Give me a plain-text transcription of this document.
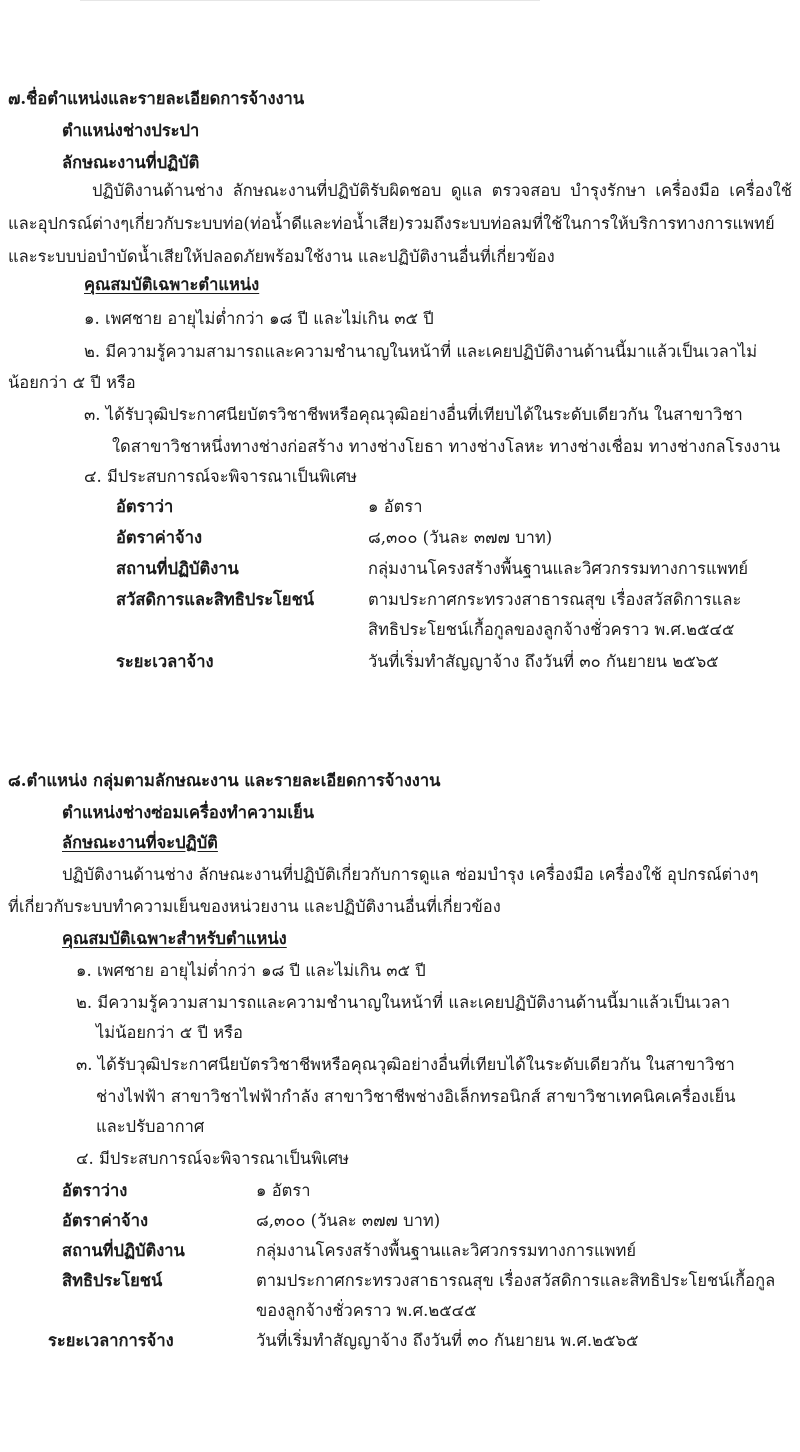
๗.ชื่อตำแหน่งและรายละเอียดการจ้างงาน
ตำแหน่งช่างประปา
ลักษณะงานที่ปฏิบัติ
ปฏิบัติงานด้านช่าง ลักษณะงานที่ปฏิบัติรับผิดชอบ ดูแล ตรวจสอบ บำรุงรักษา เครื่องมือ เครื่องใช้และอุปกรณ์ต่างๆเกี่ยวกับระบบท่อ(ท่อน้ำดีและท่อน้ำเสีย)รวมถึงระบบท่อลมที่ใช้ในการให้บริการทางการแพทย์และระบบบ่อบำบัดน้ำเสียให้ปลอดภัยพร้อมใช้งาน และปฏิบัติงานอื่นที่เกี่ยวข้อง
คุณสมบัติเฉพาะตำแหน่ง
๑. เพศชาย อายุไม่ต่ำกว่า ๑๘ ปี และไม่เกิน ๓๕ ปี
๒. มีความรู้ความสามารถและความชำนาญในหน้าที่ และเคยปฏิบัติงานด้านนี้มาแล้วเป็นเวลาไม่
น้อยกว่า ๕ ปี หรือ
๓. ได้รับวุฒิประกาศนียบัตรวิชาชีพหรือคุณวุฒิอย่างอื่นที่เทียบได้ในระดับเดียวกัน ในสาขาวิชา
ใดสาขาวิชาหนึ่งทางช่างก่อสร้าง ทางช่างโยธา ทางช่างโลหะ ทางช่างเชื่อม ทางช่างกลโรงงาน
๔. มีประสบการณ์จะพิจารณาเป็นพิเศษ
อัตราว่า	๑ อัตรา
อัตราค่าจ้าง	๘,๓๐๐ (วันละ ๓๗๗ บาท)
สถานที่ปฏิบัติงาน	กลุ่มงานโครงสร้างพื้นฐานและวิศวกรรมทางการแพทย์
สวัสดิการและสิทธิประโยชน์	ตามประกาศกระทรวงสาธารณสุข เรื่องสวัสดิการและ
สิทธิประโยชน์เกื้อกูลของลูกจ้างชั่วคราว พ.ศ.๒๕๔๕
ระยะเวลาจ้าง	วันที่เริ่มทำสัญญาจ้าง ถึงวันที่ ๓๐ กันยายน ๒๕๖๕
๘.ตำแหน่ง กลุ่มตามลักษณะงาน และรายละเอียดการจ้างงาน
ตำแหน่งช่างซ่อมเครื่องทำความเย็น
ลักษณะงานที่จะปฏิบัติ
ปฏิบัติงานด้านช่าง ลักษณะงานที่ปฏิบัติเกี่ยวกับการดูแล ซ่อมบำรุง เครื่องมือ เครื่องใช้ อุปกรณ์ต่างๆ
ที่เกี่ยวกับระบบทำความเย็นของหน่วยงาน และปฏิบัติงานอื่นที่เกี่ยวข้อง
คุณสมบัติเฉพาะสำหรับตำแหน่ง
๑. เพศชาย อายุไม่ต่ำกว่า ๑๘ ปี และไม่เกิน ๓๕ ปี
๒. มีความรู้ความสามารถและความชำนาญในหน้าที่ และเคยปฏิบัติงานด้านนี้มาแล้วเป็นเวลา
ไม่น้อยกว่า ๕ ปี หรือ
๓. ได้รับวุฒิประกาศนียบัตรวิชาชีพหรือคุณวุฒิอย่างอื่นที่เทียบได้ในระดับเดียวกัน ในสาขาวิชา
ช่างไฟฟ้า สาขาวิชาไฟฟ้ากำลัง สาขาวิชาชีพช่างอิเล็กทรอนิกส์ สาขาวิชาเทคนิคเครื่องเย็น
และปรับอากาศ
๔. มีประสบการณ์จะพิจารณาเป็นพิเศษ
อัตราว่าง	๑ อัตรา
อัตราค่าจ้าง	๘,๓๐๐ (วันละ ๓๗๗ บาท)
สถานที่ปฏิบัติงาน	กลุ่มงานโครงสร้างพื้นฐานและวิศวกรรมทางการแพทย์
สิทธิประโยชน์	ตามประกาศกระทรวงสาธารณสุข เรื่องสวัสดิการและสิทธิประโยชน์เกื้อกูล
ของลูกจ้างชั่วคราว พ.ศ.๒๕๔๕
ระยะเวลาการจ้าง	วันที่เริ่มทำสัญญาจ้าง ถึงวันที่ ๓๐ กันยายน พ.ศ.๒๕๖๕
